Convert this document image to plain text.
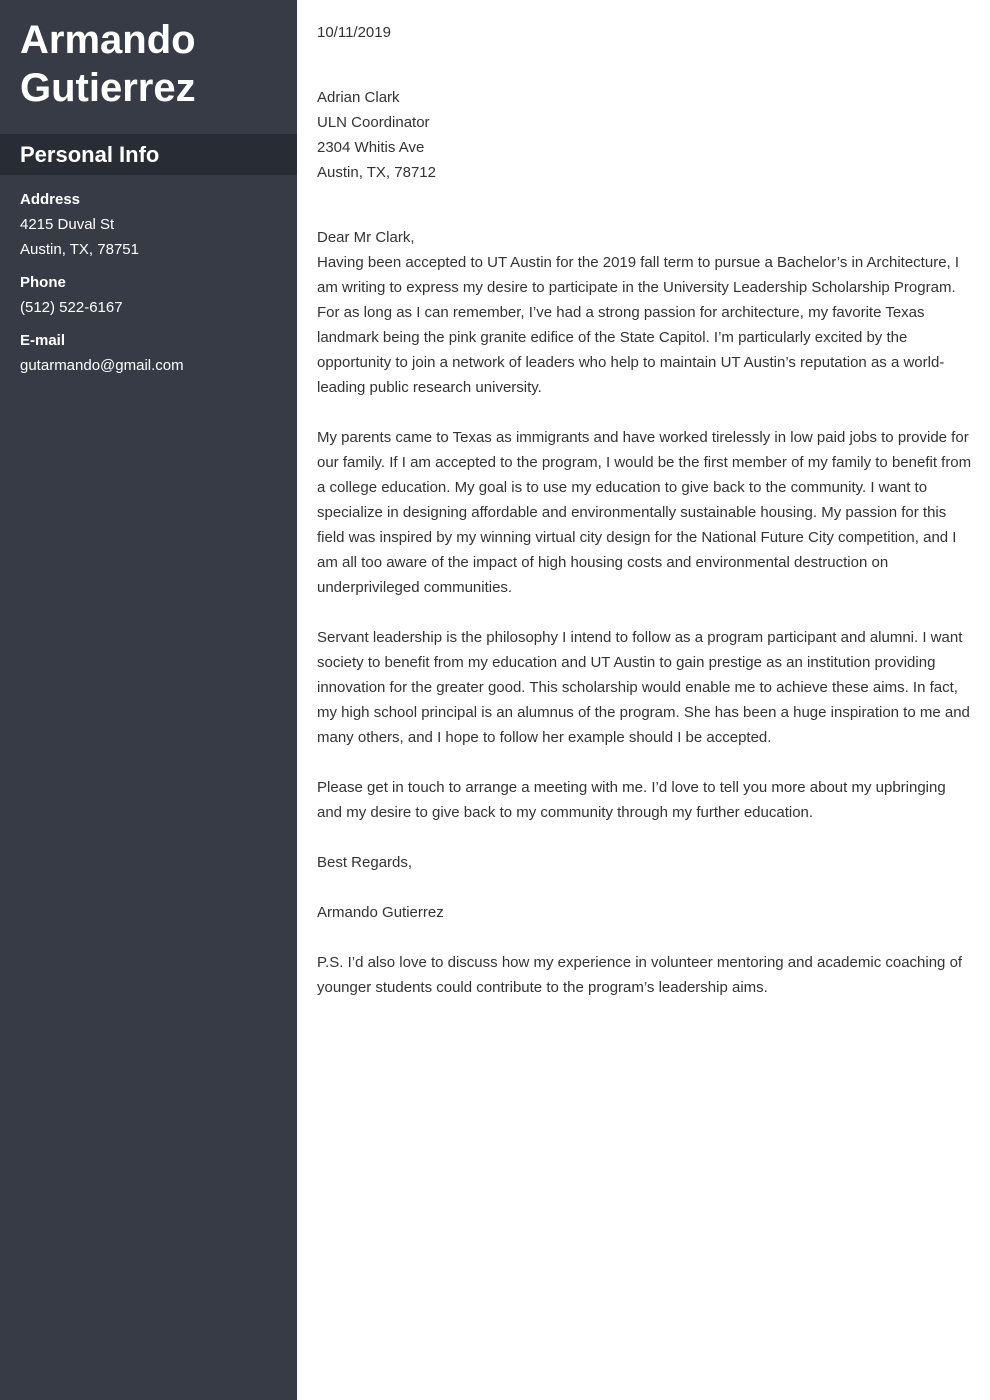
Armando
Gutierrez
Personal Info
Address
4215 Duval St
Austin, TX, 78751
Phone
(512) 522-6167
E-mail
gutarmando@gmail.com

10/11/2019

Adrian Clark

ULN Coordinator

2304 Whitis Ave

Austin, TX, 78712

Dear Mr Clark,

Having been accepted to UT Austin for the 2019 fall term to pursue a Bachelor’s in Architecture, I am writing to express my desire to participate in the University Leadership Scholarship Program. For as long as I can remember, I’ve had a strong passion for architecture, my favorite Texas landmark being the pink granite edifice of the State Capitol. I’m particularly excited by the opportunity to join a network of leaders who help to maintain UT Austin’s reputation as a world-leading public research university.

My parents came to Texas as immigrants and have worked tirelessly in low paid jobs to provide for our family. If I am accepted to the program, I would be the first member of my family to benefit from a college education. My goal is to use my education to give back to the community. I want to specialize in designing affordable and environmentally sustainable housing. My passion for this field was inspired by my winning virtual city design for the National Future City competition, and I am all too aware of the impact of high housing costs and environmental destruction on underprivileged communities.

Servant leadership is the philosophy I intend to follow as a program participant and alumni. I want society to benefit from my education and UT Austin to gain prestige as an institution providing innovation for the greater good. This scholarship would enable me to achieve these aims. In fact, my high school principal is an alumnus of the program. She has been a huge inspiration to me and many others, and I hope to follow her example should I be accepted.

Please get in touch to arrange a meeting with me. I’d love to tell you more about my upbringing and my desire to give back to my community through my further education.

Best Regards,

Armando Gutierrez

P.S. I’d also love to discuss how my experience in volunteer mentoring and academic coaching of younger students could contribute to the program’s leadership aims.
